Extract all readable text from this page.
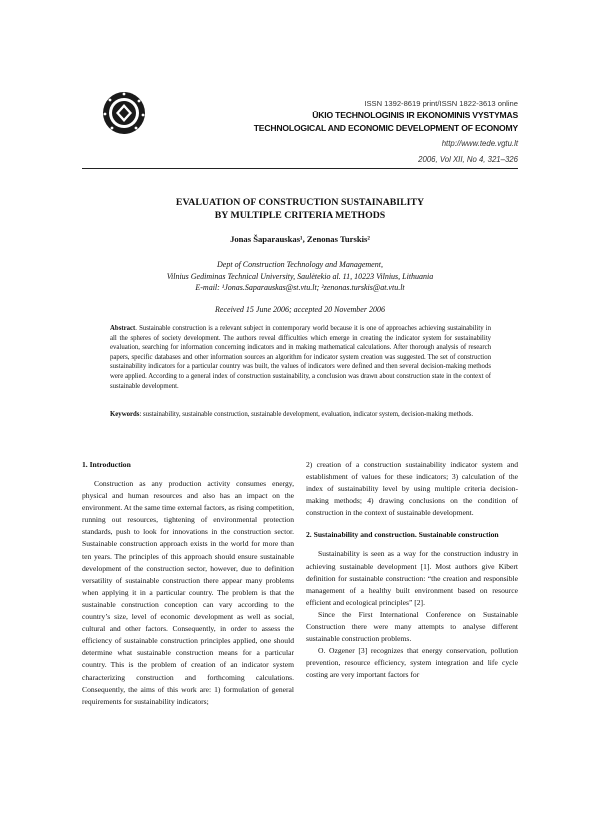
ISSN 1392-8619 print/ISSN 1822-3613 online
ŪKIO TECHNOLOGINIS IR EKONOMINIS VYSTYMAS
TECHNOLOGICAL AND ECONOMIC DEVELOPMENT OF ECONOMY
http://www.tede.vgtu.lt
2006, Vol XII, No 4, 321–326
EVALUATION OF CONSTRUCTION SUSTAINABILITY
BY MULTIPLE CRITERIA METHODS
Jonas Šaparauskas¹, Zenonas Turskis²
Dept of Construction Technology and Management,
Vilnius Gediminas Technical University, Saulėtekio al. 11, 10223 Vilnius, Lithuania
E-mail: ¹Jonas.Saparauskas@st.vtu.lt; ²zenonas.turskis@at.vtu.lt
Received 15 June 2006; accepted 20 November 2006
Abstract. Sustainable construction is a relevant subject in contemporary world because it is one of approaches achieving sustainability in all the spheres of society development. The authors reveal difficulties which emerge in creating the indicator system for sustainability evaluation, searching for information concerning indicators and in making mathematical calculations. After thorough analysis of research papers, specific databases and other information sources an algorithm for indicator system creation was suggested. The set of construction sustainability indicators for a particular country was built, the values of indicators were defined and then several decision-making methods were applied. According to a general index of construction sustainability, a conclusion was drawn about construction state in the context of sustainable development.
Keywords: sustainability, sustainable construction, sustainable development, evaluation, indicator system, decision-making methods.
1. Introduction

Construction as any production activity consumes energy, physical and human resources and also has an impact on the environment. At the same time external factors, as rising competition, running out resources, tightening of environmental protection standards, push to look for innovations in the construction sector. Sustainable construction approach exists in the world for more than ten years. The principles of this approach should ensure sustainable development of the construction sector, however, due to definition versatility of sustainable construction there appear many problems when applying it in a particular country. The problem is that the sustainable construction conception can vary according to the country’s size, level of economic development as well as social, cultural and other factors. Consequently, in order to assess the efficiency of sustainable construction principles applied, one should determine what sustainable construction means for a particular country. This is the problem of creation of an indicator system characterizing construction and forthcoming calculations. Consequently, the aims of this work are: 1) formulation of general requirements for sustainability indicators;

2) creation of a construction sustainability indicator system and establishment of values for these indicators; 3) calculation of the index of sustainability level by using multiple criteria decision-making methods; 4) drawing conclusions on the condition of construction in the context of sustainable development.

2. Sustainability and construction. Sustainable construction

Sustainability is seen as a way for the construction industry in achieving sustainable development [1]. Most authors give Kibert definition for sustainable construction: “the creation and responsible management of a healthy built environment based on resource efficient and ecological principles” [2].

Since the First International Conference on Sustainable Construction there were many attempts to analyse different sustainable construction problems.

O. Ozgener [3] recognizes that energy conservation, pollution prevention, resource efficiency, system integration and life cycle costing are very important factors for
